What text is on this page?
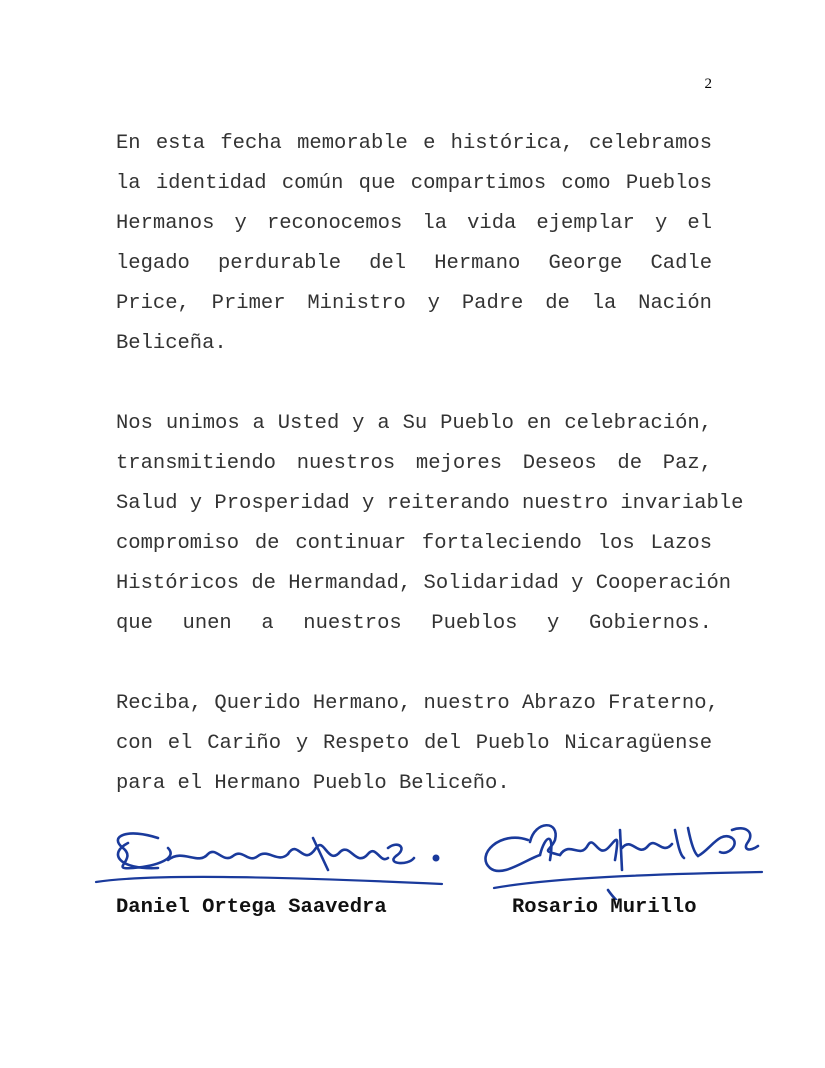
2
En esta fecha memorable e histórica, celebramos
la identidad común que compartimos como Pueblos
Hermanos y reconocemos la vida ejemplar y el
legado perdurable del Hermano George Cadle
Price, Primer Ministro y Padre de la Nación
Beliceña.
Nos unimos a Usted y a Su Pueblo en celebración,
transmitiendo nuestros mejores Deseos de Paz,
Salud y Prosperidad y reiterando nuestro invariable
compromiso de continuar fortaleciendo los Lazos
Históricos de Hermandad, Solidaridad y Cooperación
que unen a nuestros Pueblos y Gobiernos.
Reciba, Querido Hermano, nuestro Abrazo Fraterno,
con el Cariño y Respeto del Pueblo Nicaragüense
para el Hermano Pueblo Beliceño.
Daniel Ortega Saavedra	Rosario Murillo
